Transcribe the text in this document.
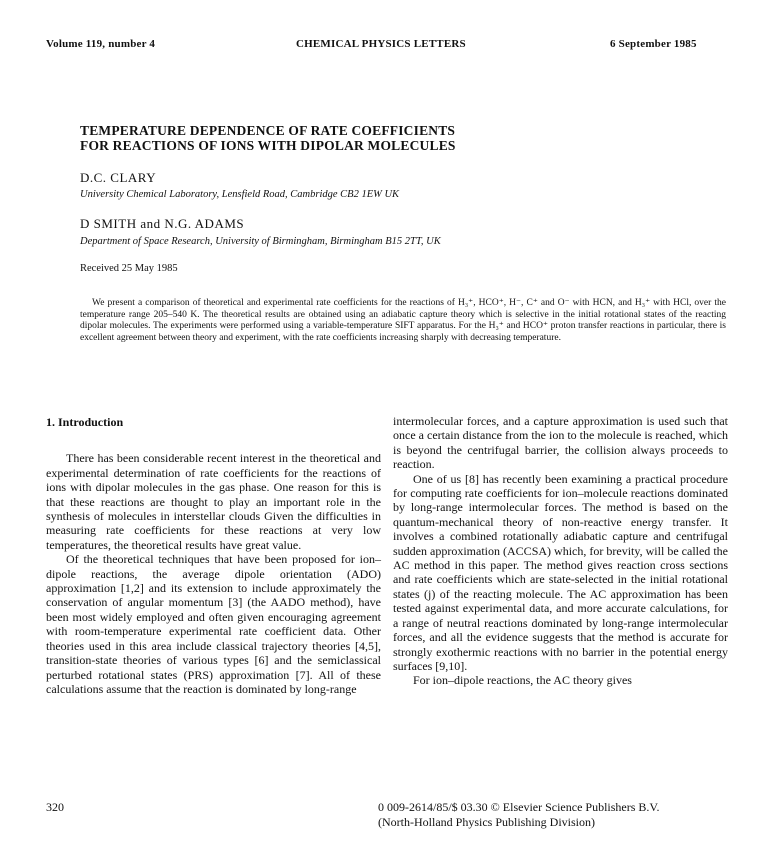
Volume 119, number 4	CHEMICAL PHYSICS LETTERS	6 September 1985
TEMPERATURE DEPENDENCE OF RATE COEFFICIENTS
FOR REACTIONS OF IONS WITH DIPOLAR MOLECULES
D.C. CLARY
University Chemical Laboratory, Lensfield Road, Cambridge CB2 1EW UK
D SMITH and N.G. ADAMS
Department of Space Research, University of Birmingham, Birmingham B15 2TT, UK
Received 25 May 1985

We present a comparison of theoretical and experimental rate coefficients for the reactions of H₃⁺, HCO⁺, H⁻, C⁺ and O⁻ with HCN, and H₃⁺ with HCl, over the temperature range 205–540 K. The theoretical results are obtained using an adiabatic capture theory which is selective in the initial rotational states of the reacting dipolar molecules. The experiments were performed using a variable-temperature SIFT apparatus. For the H₃⁺ and HCO⁺ proton transfer reactions in particular, there is excellent agreement between theory and experiment, with the rate coefficients increasing sharply with decreasing temperature.

1. Introduction

There has been considerable recent interest in the theoretical and experimental determination of rate coefficients for the reactions of ions with dipolar molecules in the gas phase. One reason for this is that these reactions are thought to play an important role in the synthesis of molecules in interstellar clouds Given the difficulties in measuring rate coefficients for these reactions at very low temperatures, the theoretical results have great value.

Of the theoretical techniques that have been proposed for ion–dipole reactions, the average dipole orientation (ADO) approximation [1,2] and its extension to include approximately the conservation of angular momentum [3] (the AADO method), have been most widely employed and often given encouraging agreement with room-temperature experimental rate coefficient data. Other theories used in this area include classical trajectory theories [4,5], transition-state theories of various types [6] and the semiclassical perturbed rotational states (PRS) approximation [7]. All of these calculations assume that the reaction is dominated by long-range

intermolecular forces, and a capture approximation is used such that once a certain distance from the ion to the molecule is reached, which is beyond the centrifugal barrier, the collision always proceeds to reaction.

One of us [8] has recently been examining a practical procedure for computing rate coefficients for ion–molecule reactions dominated by long-range intermolecular forces. The method is based on the quantum-mechanical theory of non-reactive energy transfer. It involves a combined rotationally adiabatic capture and centrifugal sudden approximation (ACCSA) which, for brevity, will be called the AC method in this paper. The method gives reaction cross sections and rate coefficients which are state-selected in the initial rotational states (j) of the reacting molecule. The AC approximation has been tested against experimental data, and more accurate calculations, for a range of neutral reactions dominated by long-range intermolecular forces, and all the evidence suggests that the method is accurate for strongly exothermic reactions with no barrier in the potential energy surfaces [9,10].

For ion–dipole reactions, the AC theory gives

320	0 009-2614/85/$ 03.30 © Elsevier Science Publishers B.V.
(North-Holland Physics Publishing Division)
